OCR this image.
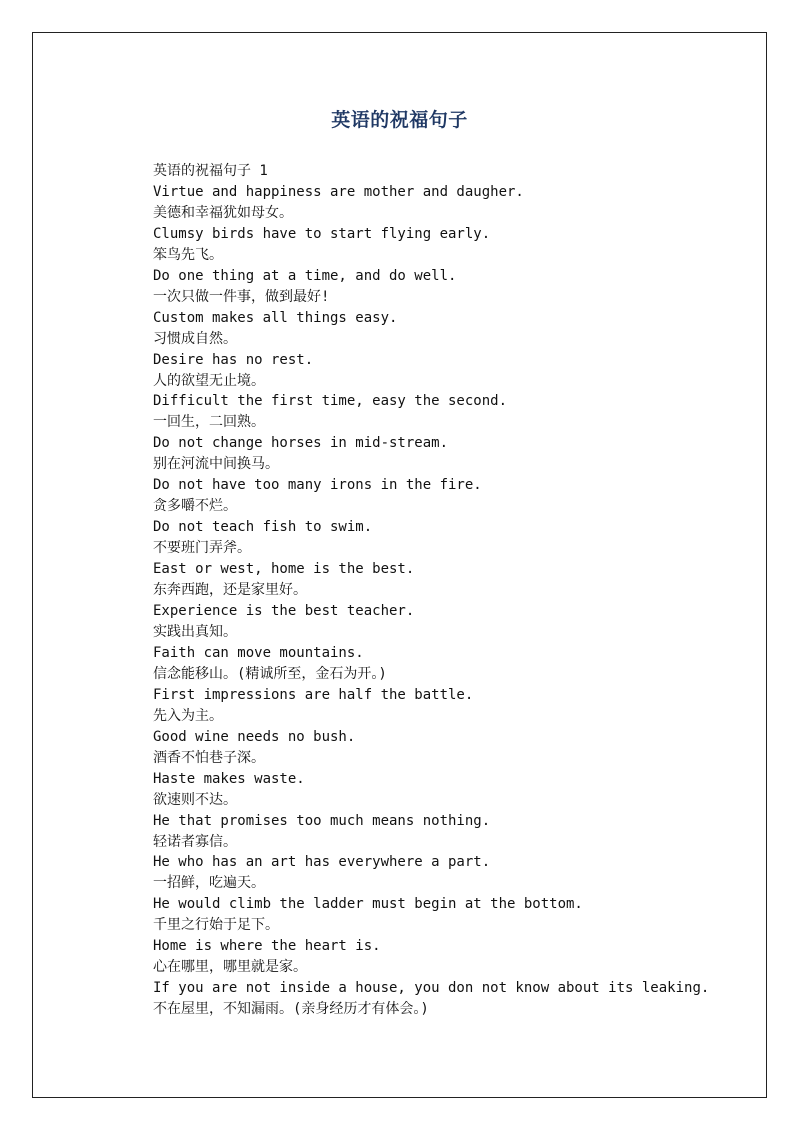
英语的祝福句子
英语的祝福句子 1
Virtue and happiness are mother and daugher.
美德和幸福犹如母女。
Clumsy birds have to start flying early.
笨鸟先飞。
Do one thing at a time, and do well.
一次只做一件事，做到最好!
Custom makes all things easy.
习惯成自然。
Desire has no rest.
人的欲望无止境。
Difficult the first time, easy the second.
一回生，二回熟。
Do not change horses in mid-stream.
别在河流中间换马。
Do not have too many irons in the fire.
贪多嚼不烂。
Do not teach fish to swim.
不要班门弄斧。
East or west, home is the best.
东奔西跑，还是家里好。
Experience is the best teacher.
实践出真知。
Faith can move mountains.
信念能移山。(精诚所至，金石为开。)
First impressions are half the battle.
先入为主。
Good wine needs no bush.
酒香不怕巷子深。
Haste makes waste.
欲速则不达。
He that promises too much means nothing.
轻诺者寡信。
He who has an art has everywhere a part.
一招鲜，吃遍天。
He would climb the ladder must begin at the bottom.
千里之行始于足下。
Home is where the heart is.
心在哪里，哪里就是家。
If you are not inside a house, you don not know about its leaking.
不在屋里，不知漏雨。(亲身经历才有体会。)
